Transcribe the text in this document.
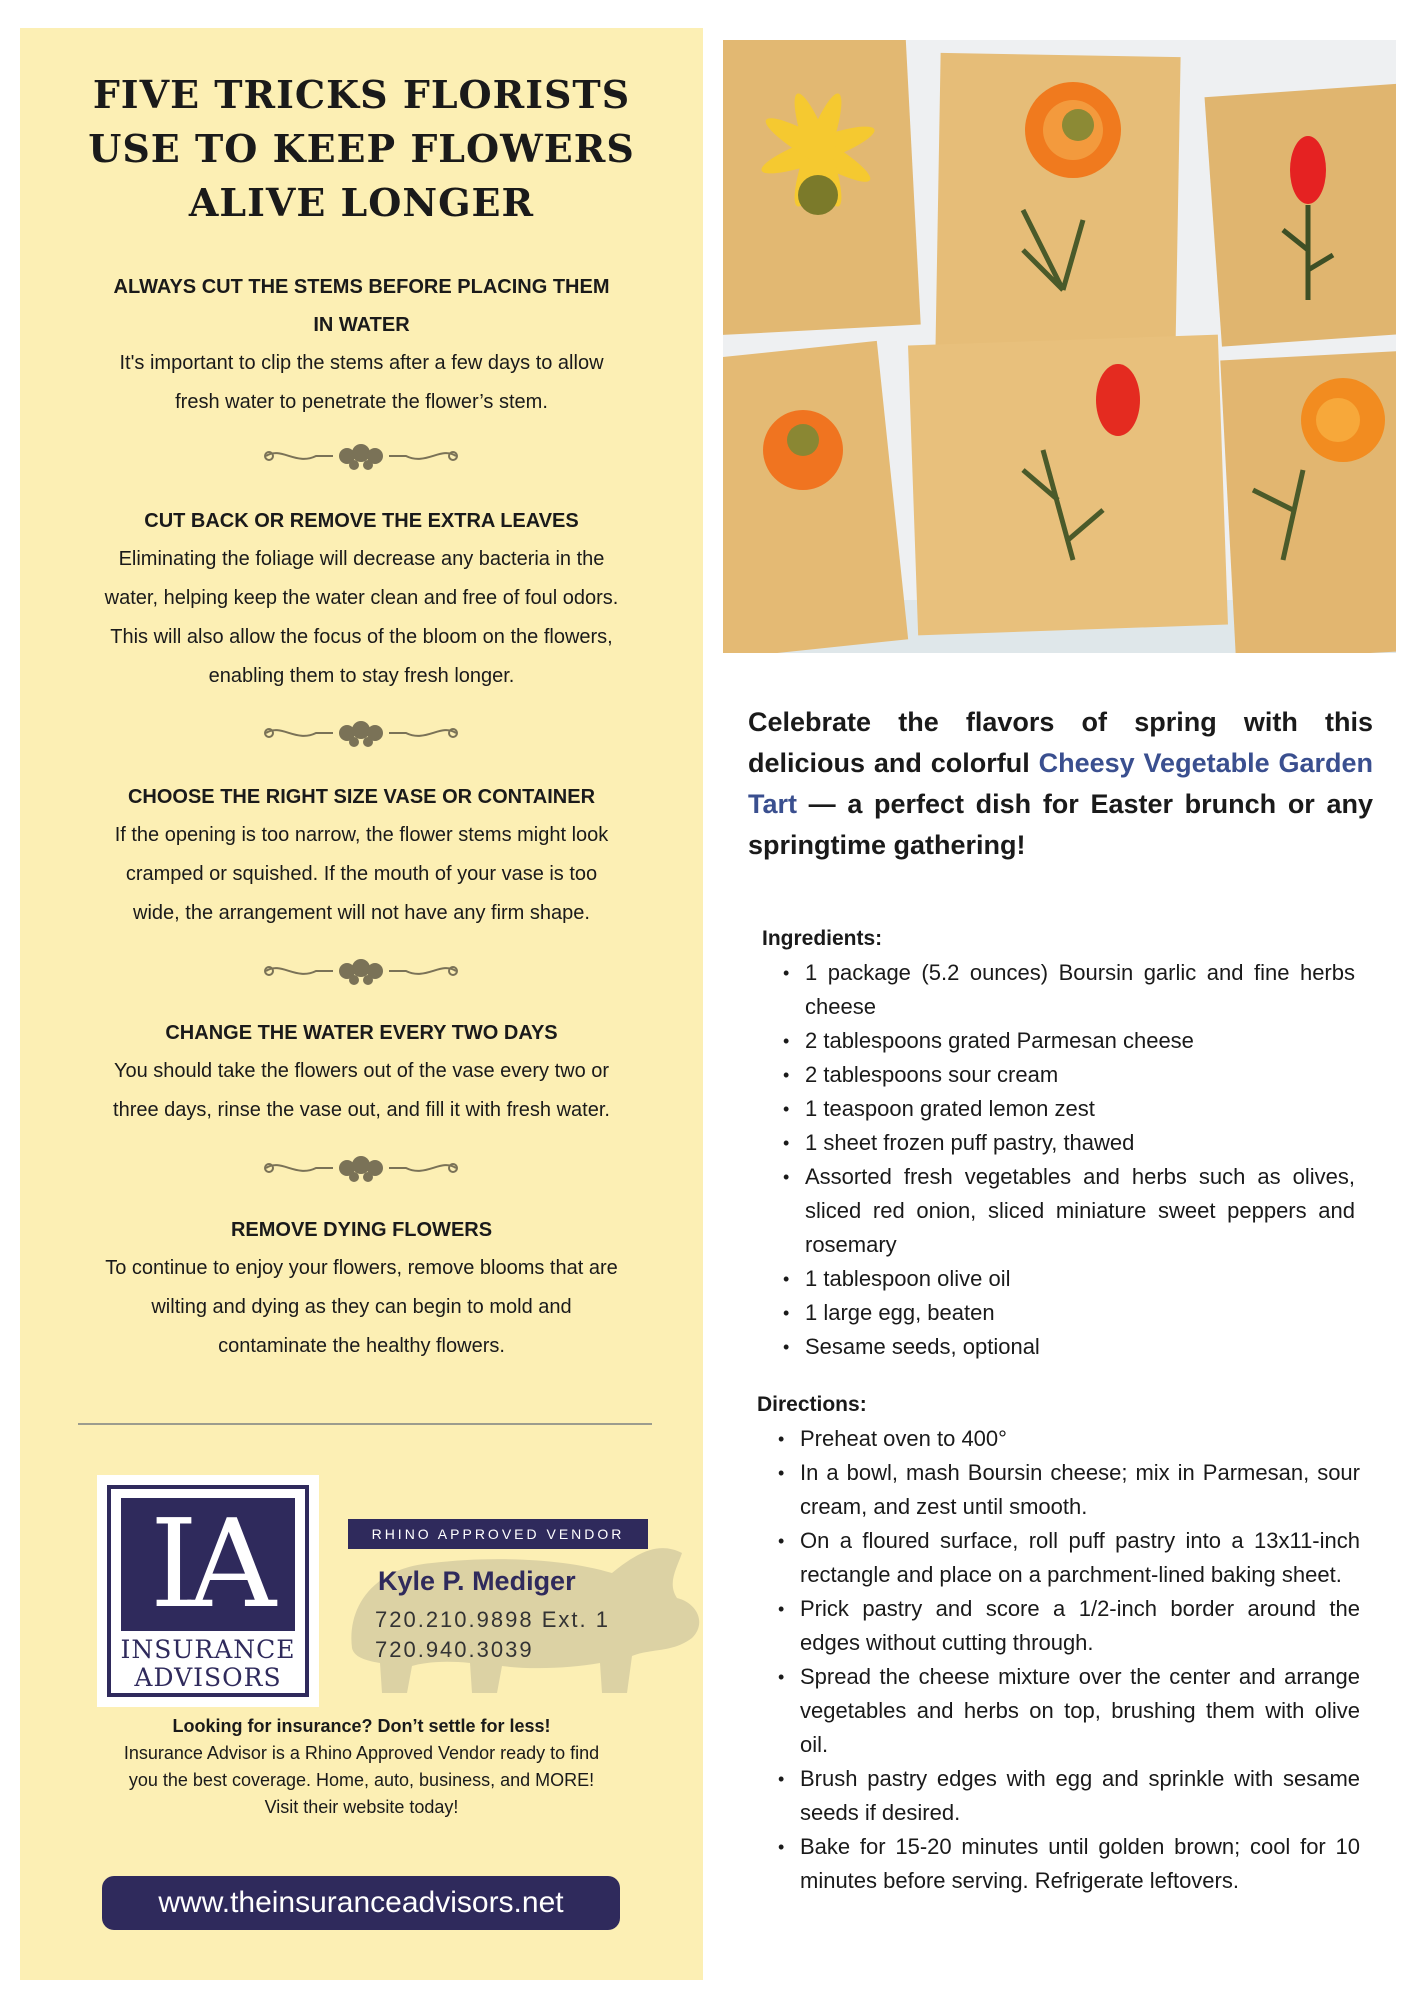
FIVE TRICKS FLORISTS
USE TO KEEP FLOWERS
ALIVE LONGER

ALWAYS CUT THE STEMS BEFORE PLACING THEM
IN WATER

It's important to clip the stems after a few days to allow
fresh water to penetrate the flower’s stem.

CUT BACK OR REMOVE THE EXTRA LEAVES

Eliminating the foliage will decrease any bacteria in the
water, helping keep the water clean and free of foul odors.
This will also allow the focus of the bloom on the flowers,
enabling them to stay fresh longer.

CHOOSE THE RIGHT SIZE VASE OR CONTAINER

If the opening is too narrow, the flower stems might look
cramped or squished. If the mouth of your vase is too
wide, the arrangement will not have any firm shape.

CHANGE THE WATER EVERY TWO DAYS

You should take the flowers out of the vase every two or
three days, rinse the vase out, and fill it with fresh water.

REMOVE DYING FLOWERS

To continue to enjoy your flowers, remove blooms that are
wilting and dying as they can begin to mold and
contaminate the healthy flowers.

IA
INSURANCE
ADVISORS
RHINO APPROVED VENDOR
Kyle P. Mediger
720.210.9898 Ext. 1
720.940.3039

Looking for insurance? Don’t settle for less!

Insurance Advisor is a Rhino Approved Vendor ready to find
you the best coverage. Home, auto, business, and MORE!
Visit their website today!

www.theinsuranceadvisors.net

Celebrate the flavors of spring with this delicious and colorful Cheesy Vegetable Garden Tart — a perfect dish for Easter brunch or any springtime gathering!

Ingredients:

• 1 package (5.2 ounces) Boursin garlic and fine herbs cheese
• 2 tablespoons grated Parmesan cheese
• 2 tablespoons sour cream
• 1 teaspoon grated lemon zest
• 1 sheet frozen puff pastry, thawed
• Assorted fresh vegetables and herbs such as olives, sliced red onion, sliced miniature sweet peppers and rosemary
• 1 tablespoon olive oil
• 1 large egg, beaten
• Sesame seeds, optional

Directions:

• Preheat oven to 400°
• In a bowl, mash Boursin cheese; mix in Parmesan, sour cream, and zest until smooth.
• On a floured surface, roll puff pastry into a 13x11-inch rectangle and place on a parchment-lined baking sheet.
• Prick pastry and score a 1/2-inch border around the edges without cutting through.
• Spread the cheese mixture over the center and arrange vegetables and herbs on top, brushing them with olive oil.
• Brush pastry edges with egg and sprinkle with sesame seeds if desired.
• Bake for 15-20 minutes until golden brown; cool for 10 minutes before serving. Refrigerate leftovers.
